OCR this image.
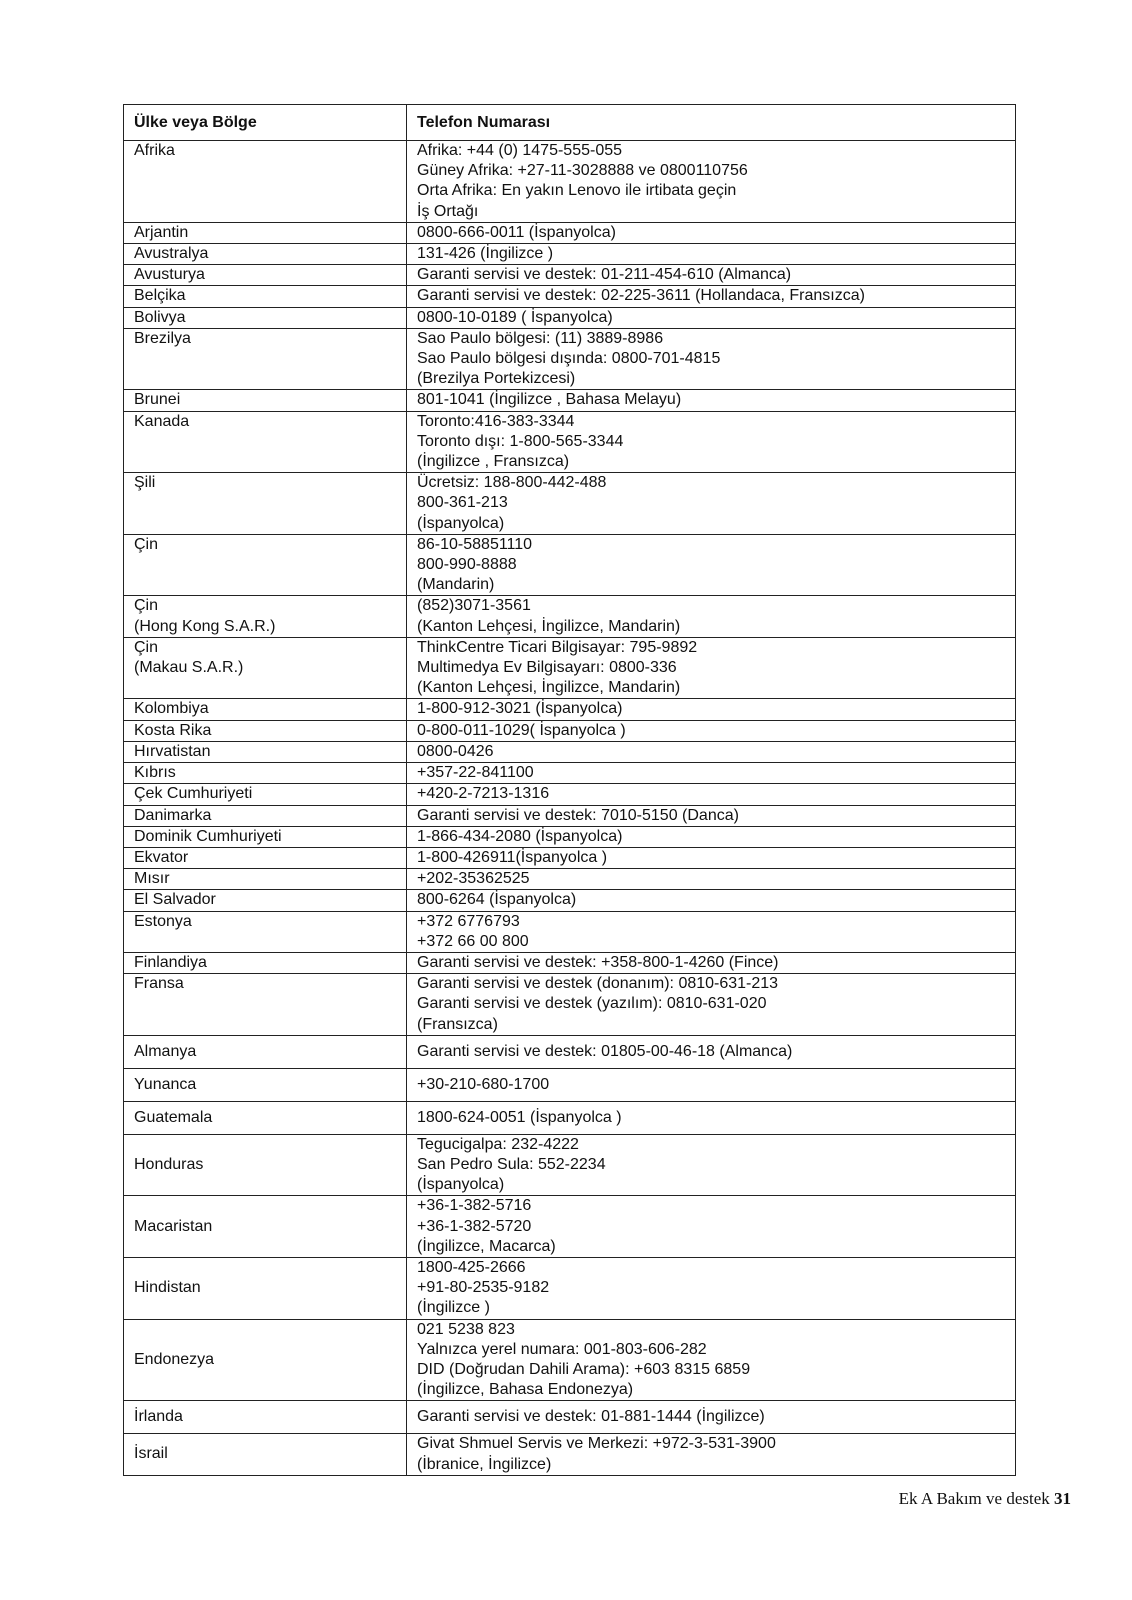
Ülke veya Bölge	Telefon Numarası

Afrika	Afrika: +44 (0) 1475-555-055
Güney Afrika: +27-11-3028888 ve 0800110756
Orta Afrika: En yakın Lenovo ile irtibata geçin
İş Ortağı

Arjantin	0800-666-0011 (İspanyolca)

Avustralya	131-426 (İngilizce )

Avusturya	Garanti servisi ve destek: 01-211-454-610 (Almanca)

Belçika	Garanti servisi ve destek: 02-225-3611 (Hollandaca, Fransızca)

Bolivya	0800-10-0189 ( İspanyolca)

Brezilya	Sao Paulo bölgesi: (11) 3889-8986
Sao Paulo bölgesi dışında: 0800-701-4815
(Brezilya Portekizcesi)

Brunei	801-1041 (İngilizce , Bahasa Melayu)

Kanada	Toronto:416-383-3344
Toronto dışı: 1-800-565-3344
(İngilizce , Fransızca)

Şili	Ücretsiz: 188-800-442-488
800-361-213
(İspanyolca)

Çin	86-10-58851110
800-990-8888
(Mandarin)

Çin
(Hong Kong S.A.R.)	(852)3071-3561
(Kanton Lehçesi, İngilizce, Mandarin)

Çin
(Makau S.A.R.)	ThinkCentre Ticari Bilgisayar: 795-9892
Multimedya Ev Bilgisayarı: 0800-336
(Kanton Lehçesi, İngilizce, Mandarin)

Kolombiya	1-800-912-3021 (İspanyolca)

Kosta Rika	0-800-011-1029( İspanyolca )

Hırvatistan	0800-0426

Kıbrıs	+357-22-841100

Çek Cumhuriyeti	+420-2-7213-1316

Danimarka	Garanti servisi ve destek: 7010-5150 (Danca)

Dominik Cumhuriyeti	1-866-434-2080 (İspanyolca)

Ekvator	1-800-426911(İspanyolca )

Mısır	+202-35362525

El Salvador	800-6264 (İspanyolca)

Estonya	+372 6776793
+372 66 00 800

Finlandiya	Garanti servisi ve destek: +358-800-1-4260 (Fince)

Fransa	Garanti servisi ve destek (donanım): 0810-631-213
Garanti servisi ve destek (yazılım): 0810-631-020
(Fransızca)

Almanya	Garanti servisi ve destek: 01805-00-46-18 (Almanca)

Yunanca	+30-210-680-1700

Guatemala	1800-624-0051 (İspanyolca )

Honduras	Tegucigalpa: 232-4222
San Pedro Sula: 552-2234
(İspanyolca)

Macaristan	+36-1-382-5716
+36-1-382-5720
(İngilizce, Macarca)

Hindistan	1800-425-2666
+91-80-2535-9182
(İngilizce )

Endonezya	021 5238 823
Yalnızca yerel numara: 001-803-606-282
DID (Doğrudan Dahili Arama): +603 8315 6859
(İngilizce, Bahasa Endonezya)

İrlanda	Garanti servisi ve destek: 01-881-1444 (İngilizce)

İsrail	Givat Shmuel Servis ve Merkezi: +972-3-531-3900
(İbranice, İngilizce)
Ek A Bakım ve destek 31
